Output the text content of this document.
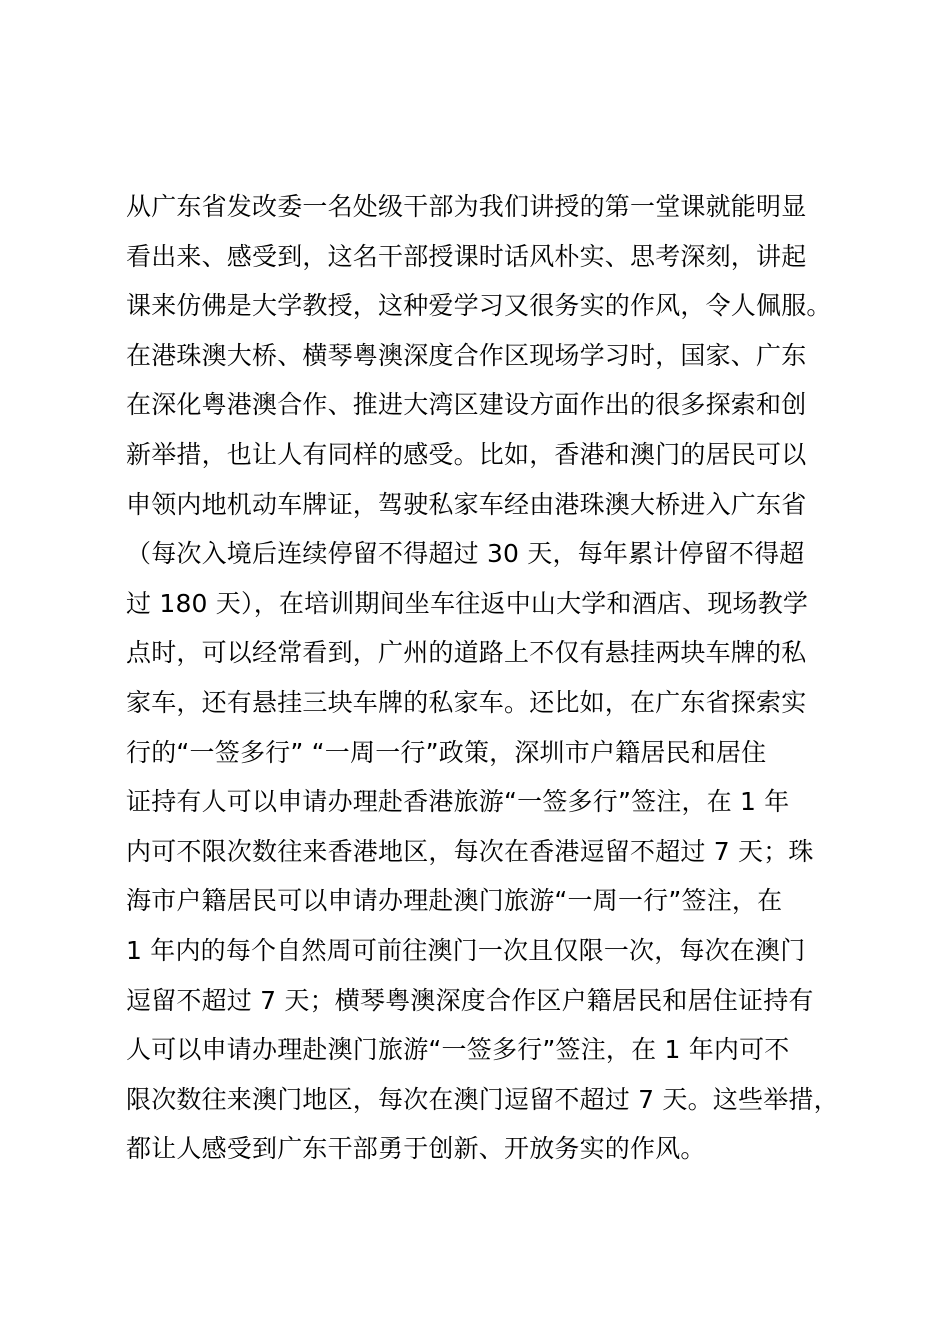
从广东省发改委一名处级干部为我们讲授的第一堂课就能明显
看出来、感受到，这名干部授课时话风朴实、思考深刻，讲起
课来仿佛是大学教授，这种爱学习又很务实的作风，令人佩服。
在港珠澳大桥、横琴粤澳深度合作区现场学习时，国家、广东
在深化粤港澳合作、推进大湾区建设方面作出的很多探索和创
新举措，也让人有同样的感受。比如，香港和澳门的居民可以
申领内地机动车牌证，驾驶私家车经由港珠澳大桥进入广东省
（每次入境后连续停留不得超过 30 天，每年累计停留不得超
过 180 天），在培训期间坐车往返中山大学和酒店、现场教学
点时，可以经常看到，广州的道路上不仅有悬挂两块车牌的私
家车，还有悬挂三块车牌的私家车。还比如，在广东省探索实
行的“一签多行” “一周一行”政策，深圳市户籍居民和居住
证持有人可以申请办理赴香港旅游“一签多行”签注，在 1 年
内可不限次数往来香港地区，每次在香港逗留不超过 7 天；珠
海市户籍居民可以申请办理赴澳门旅游“一周一行”签注，在
1 年内的每个自然周可前往澳门一次且仅限一次，每次在澳门
逗留不超过 7 天；横琴粤澳深度合作区户籍居民和居住证持有
人可以申请办理赴澳门旅游“一签多行”签注，在 1 年内可不
限次数往来澳门地区，每次在澳门逗留不超过 7 天。这些举措，
都让人感受到广东干部勇于创新、开放务实的作风。
